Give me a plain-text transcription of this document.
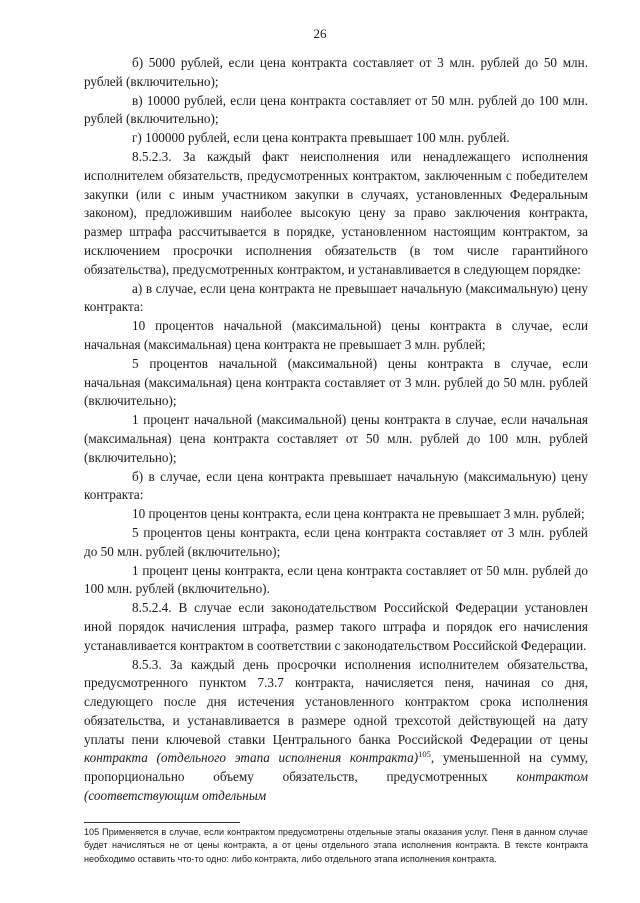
26

б) 5000 рублей, если цена контракта составляет от 3 млн. рублей до 50 млн. рублей (включительно);

в) 10000 рублей, если цена контракта составляет от 50 млн. рублей до 100 млн. рублей (включительно);

г) 100000 рублей, если цена контракта превышает 100 млн. рублей.

8.5.2.3. За каждый факт неисполнения или ненадлежащего исполнения исполнителем обязательств, предусмотренных контрактом, заключенным с победителем закупки (или с иным участником закупки в случаях, установленных Федеральным законом), предложившим наиболее высокую цену за право заключения контракта, размер штрафа рассчитывается в порядке, установленном настоящим контрактом, за исключением просрочки исполнения обязательств (в том числе гарантийного обязательства), предусмотренных контрактом, и устанавливается в следующем порядке:

а) в случае, если цена контракта не превышает начальную (максимальную) цену контракта:

10 процентов начальной (максимальной) цены контракта в случае, если начальная (максимальная) цена контракта не превышает 3 млн. рублей;

5 процентов начальной (максимальной) цены контракта в случае, если начальная (максимальная) цена контракта составляет от 3 млн. рублей до 50 млн. рублей (включительно);

1 процент начальной (максимальной) цены контракта в случае, если начальная (максимальная) цена контракта составляет от 50 млн. рублей до 100 млн. рублей (включительно);

б) в случае, если цена контракта превышает начальную (максимальную) цену контракта:

10 процентов цены контракта, если цена контракта не превышает 3 млн. рублей;

5 процентов цены контракта, если цена контракта составляет от 3 млн. рублей до 50 млн. рублей (включительно);

1 процент цены контракта, если цена контракта составляет от 50 млн. рублей до 100 млн. рублей (включительно).

8.5.2.4. В случае если законодательством Российской Федерации установлен иной порядок начисления штрафа, размер такого штрафа и порядок его начисления устанавливается контрактом в соответствии с законодательством Российской Федерации.

8.5.3. За каждый день просрочки исполнения исполнителем обязательства, предусмотренного пунктом 7.3.7 контракта, начисляется пеня, начиная со дня, следующего после дня истечения установленного контрактом срока исполнения обязательства, и устанавливается в размере одной трехсотой действующей на дату уплаты пени ключевой ставки Центрального банка Российской Федерации от цены контракта (отдельного этапа исполнения контракта)$^{105}$, уменьшенной на сумму, пропорционально объему обязательств, предусмотренных контрактом (соответствующим отдельным

105 Применяется в случае, если контрактом предусмотрены отдельные этапы оказания услуг. Пеня в данном случае будет начисляться не от цены контракта, а от цены отдельного этапа исполнения контракта. В тексте контракта необходимо оставить что-то одно: либо контракта, либо отдельного этапа исполнения контракта.
